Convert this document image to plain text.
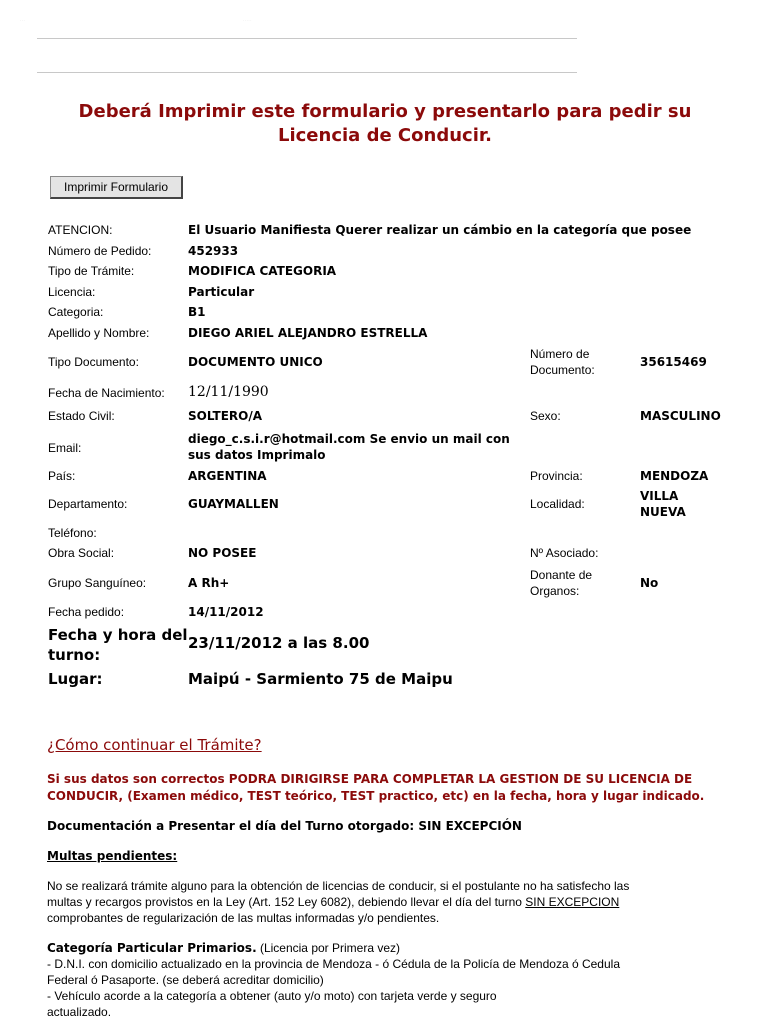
· · ·	· · · · ·
Deberá Imprimir este formulario y presentarlo para pedir su
Licencia de Conducir.
Imprimir Formulario
ATENCION:	El Usuario Manifiesta Querer realizar un cámbio en la categoría que posee
Número de Pedido:	452933
Tipo de Trámite:	MODIFICA CATEGORIA
Licencia:	Particular
Categoria:	B1
Apellido y Nombre:	DIEGO ARIEL ALEJANDRO ESTRELLA
Tipo Documento:	DOCUMENTO UNICO
Número de
Documento:
35615469
Fecha de Nacimiento: 12/11/1990
Estado Civil:	SOLTERO/A	Sexo:	MASCULINO
Email:
diego_c.s.i.r@hotmail.com Se envio un mail con
sus datos Imprimalo
País:	ARGENTINA	Provincia:	MENDOZA
Departamento:	GUAYMALLEN	Localidad:
VILLA
NUEVA
Teléfono:
Obra Social:	NO POSEE	Nº Asociado:
Grupo Sanguíneo:	A Rh+
Donante de
Organos:
No
Fecha pedido:	14/11/2012
Fecha y hora del
turno:
23/11/2012 a las 8.00
Lugar:	Maipú - Sarmiento 75 de Maipu
¿Cómo continuar el Trámite?
Si sus datos son correctos PODRA DIRIGIRSE PARA COMPLETAR LA GESTION DE SU LICENCIA DE
CONDUCIR, (Examen médico, TEST teórico, TEST practico, etc) en la fecha, hora y lugar indicado.
Documentación a Presentar el día del Turno otorgado: SIN EXCEPCIÓN
Multas pendientes:
No se realizará trámite alguno para la obtención de licencias de conducir, si el postulante no ha satisfecho las
multas y recargos provistos en la Ley (Art. 152 Ley 6082), debiendo llevar el día del turno SIN EXCEPCION
comprobantes de regularización de las multas informadas y/o pendientes.
Categoría Particular Primarios. (Licencia por Primera vez)
- D.N.I. con domicilio actualizado en la provincia de Mendoza - ó Cédula de la Policía de Mendoza ó Cedula
Federal ó Pasaporte. (se deberá acreditar domicilio)
- Vehículo acorde a la categoría a obtener (auto y/o moto) con tarjeta verde y seguro
actualizado.
